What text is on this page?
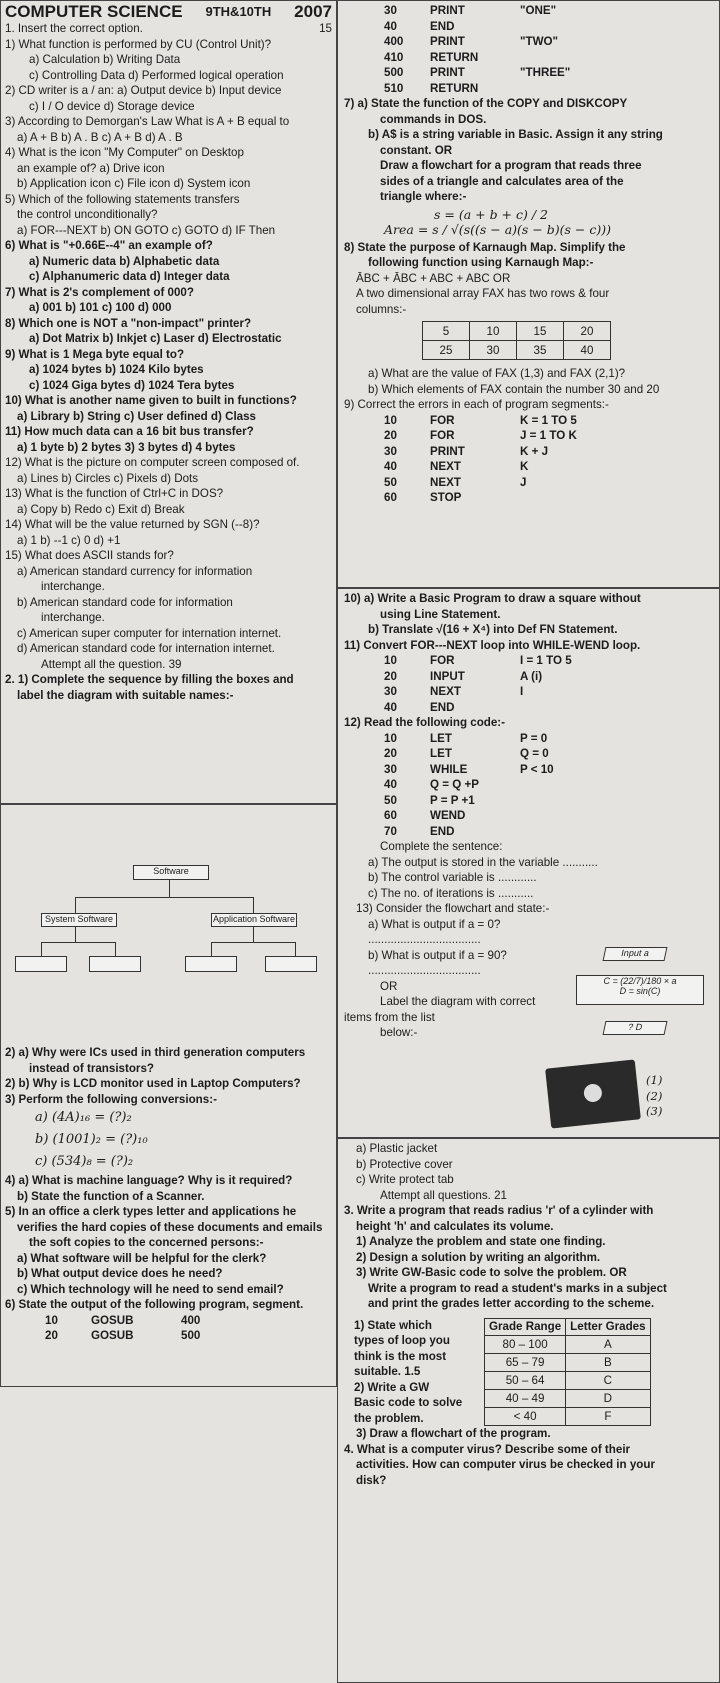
COMPUTER SCIENCE 9TH&10TH 2007
1. Insert the correct option.	15
1) What function is performed by CU (Control Unit)?
a) Calculation b) Writing Data
c) Controlling Data d) Performed logical operation
2) CD writer is a / an: a) Output device b) Input device
c) I / O device d) Storage device
3) According to Demorgan's Law What is A + B equal to
a) A + B b) A . B c) A + B d) A . B
4) What is the icon "My Computer" on Desktop
an example of? a) Drive icon
b) Application icon c) File icon d) System icon
5) Which of the following statements transfers
the control unconditionally?
a) FOR---NEXT b) ON GOTO c) GOTO d) IF Then
6) What is "+0.66E--4" an example of?
a) Numeric data b) Alphabetic data
c) Alphanumeric data d) Integer data
7) What is 2's complement of 000?
a) 001 b) 101 c) 100 d) 000
8) Which one is NOT a "non-impact" printer?
a) Dot Matrix b) Inkjet c) Laser d) Electrostatic
9) What is 1 Mega byte equal to?
a) 1024 bytes b) 1024 Kilo bytes
c) 1024 Giga bytes d) 1024 Tera bytes
10) What is another name given to built in functions?
a) Library b) String c) User defined d) Class
11) How much data can a 16 bit bus transfer?
a) 1 byte b) 2 bytes 3) 3 bytes d) 4 bytes
12) What is the picture on computer screen composed of.
a) Lines b) Circles c) Pixels d) Dots
13) What is the function of Ctrl+C in DOS?
a) Copy b) Redo c) Exit d) Break
14) What will be the value returned by SGN (--8)?
a) 1 b) --1 c) 0 d) +1
15) What does ASCII stands for?
a) American standard currency for information
interchange.
b) American standard code for information
interchange.
c) American super computer for internation internet.
d) American standard code for internation internet.
Attempt all the question. 39
2. 1) Complete the sequence by filling the boxes and
label the diagram with suitable names:-
Software
System Software	Application Software
2) a) Why were ICs used in third generation computers
instead of transistors?
2) b) Why is LCD monitor used in Laptop Computers?
3) Perform the following conversions:-
a) (4A)₁₆ = (?)₂
b) (1001)₂ = (?)₁₀
c) (534)₈ = (?)₂
4) a) What is machine language? Why is it required?
b) State the function of a Scanner.
5) In an office a clerk types letter and applications he
verifies the hard copies of these documents and emails
the soft copies to the concerned persons:-
a) What software will be helpful for the clerk?
b) What output device does he need?
c) Which technology will he need to send email?
6) State the output of the following program, segment.
10	GOSUB	400
20	GOSUB	500
30	PRINT	"ONE"
40	END
400	PRINT	"TWO"
410	RETURN
500	PRINT	"THREE"
510	RETURN
7) a) State the function of the COPY and DISKCOPY
commands in DOS.
b) A$ is a string variable in Basic. Assign it any string
constant. OR
Draw a flowchart for a program that reads three
sides of a triangle and calculates area of the
triangle where:-
s = (a + b + c) / 2
Area = s / √(s((s − a)(s − b)(s − c)))
8) State the purpose of Karnaugh Map. Simplify the
following function using Karnaugh Map:-
ĀBC + ĀBC + ABC + ABC OR
A two dimensional array FAX has two rows & four
columns:-
5	10	15	20
25	30	35	40
a) What are the value of FAX (1,3) and FAX (2,1)?
b) Which elements of FAX contain the number 30 and 20
9) Correct the errors in each of program segments:-
10	FOR	K = 1 TO 5
20	FOR	J = 1 TO K
30	PRINT	K + J
40	NEXT	K
50	NEXT	J
60	STOP
10) a) Write a Basic Program to draw a square without
using Line Statement.
b) Translate √(16 + X⁴) into Def FN Statement.
11) Convert FOR---NEXT loop into WHILE-WEND loop.
10	FOR	I = 1 TO 5
20	INPUT	A (i)
30	NEXT	I
40	END
12) Read the following code:-
10	LET	P = 0
20	LET	Q = 0
30	WHILE	P < 10
40	Q = Q +P
50	P = P +1
60	WEND
70	END
Complete the sentence:
a) The output is stored in the variable ...........
b) The control variable is ............
c) The no. of iterations is ...........
13) Consider the flowchart and state:-
a) What is output if a = 0?
...................................
b) What is output if a = 90?
...................................
OR
Label the diagram with correct
items from the list
below:-
Input a
C = (22/7)/180 × a
D = sin(C)
? D
(1)
(2)
(3)
a) Plastic jacket
b) Protective cover
c) Write protect tab
Attempt all questions. 21
3. Write a program that reads radius 'r' of a cylinder with
height 'h' and calculates its volume.
1) Analyze the problem and state one finding.
2) Design a solution by writing an algorithm.
3) Write GW-Basic code to solve the problem. OR
Write a program to read a student's marks in a subject
and print the grades letter according to the scheme.
1) State which
types of loop you
think is the most
suitable. 1.5
2) Write a GW
Basic code to solve
the problem.
Grade Range	Letter Grades
80 – 100	A
65 – 79	B
50 – 64	C
40 – 49	D
< 40	F
3) Draw a flowchart of the program.
4. What is a computer virus? Describe some of their
activities. How can computer virus be checked in your
disk?
